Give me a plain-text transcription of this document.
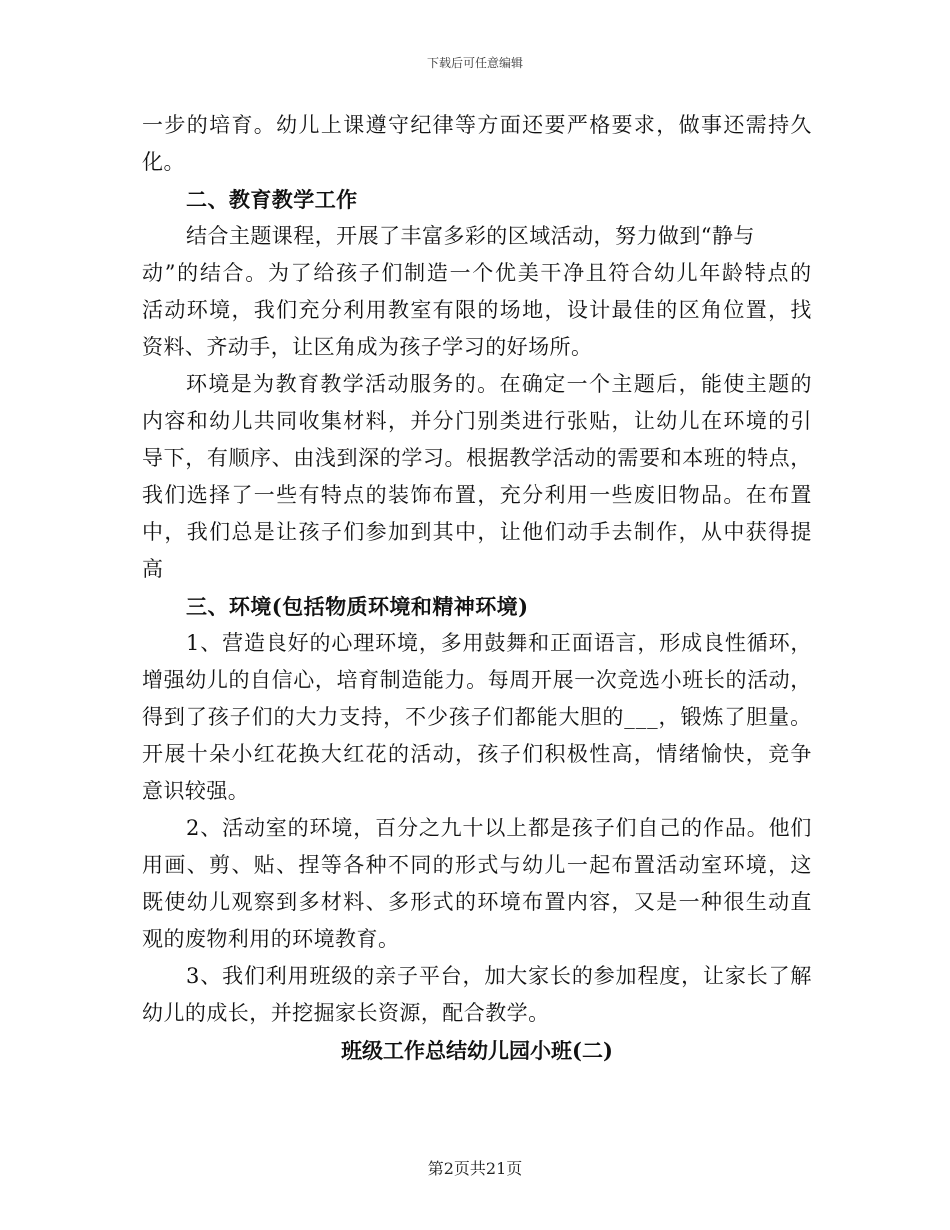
下载后可任意编辑
一 步 的 培 育 。 幼 儿 上 课 遵 守 纪 律 等 方 面 还 要 严 格 要 求 ， 做 事 还 需 持 久
化。
二、教育教学工作
结合主题课程，开展了丰富多彩的区域活动，努力做到“静与
动 ” 的 结 合 。 为 了 给 孩 子 们 制 造 一 个 优 美 干 净 且 符 合 幼 儿 年 龄 特 点 的
活 动 环 境 ， 我 们 充 分 利 用 教 室 有 限 的 场 地 ， 设 计 最 佳 的 区 角 位 置 ， 找
资料、齐动手，让区角成为孩子学习的好场所。
环 境 是 为 教 育 教 学 活 动 服 务 的 。 在 确 定 一 个 主 题 后 ， 能 使 主 题 的
内 容 和 幼 儿 共 同 收 集 材 料 ， 并 分 门 别 类 进 行 张 贴 ， 让 幼 儿 在 环 境 的 引
导 下 ， 有 顺 序 、 由 浅 到 深 的 学 习 。 根 据 教 学 活 动 的 需 要 和 本 班 的 特 点 ，
我 们 选 择 了 一 些 有 特 点 的 装 饰 布 置 ， 充 分 利 用 一 些 废 旧 物 品 。 在 布 置
中 ， 我 们 总 是 让 孩 子 们 参 加 到 其 中 ， 让 他 们 动 手 去 制 作 ， 从 中 获 得 提
高
三、环境(包括物质环境和精神环境)
1 、 营 造 良 好 的 心 理 环 境 ， 多 用 鼓 舞 和 正 面 语 言 ， 形 成 良 性 循 环 ，
增 强 幼 儿 的 自 信 心 ， 培 育 制 造 能 力 。 每 周 开 展 一 次 竞 选 小 班 长 的 活 动 ，
得 到 了 孩 子 们 的 大 力 支 持 ， 不 少 孩 子 们 都 能 大 胆 的 _ _ _ ， 锻 炼 了 胆 量 。
开 展 十 朵 小 红 花 换 大 红 花 的 活 动 ， 孩 子 们 积 极 性 高 ， 情 绪 愉 快 ， 竞 争
意识较强。
2 、 活 动 室 的 环 境 ， 百 分 之 九 十 以 上 都 是 孩 子 们 自 己 的 作 品 。 他 们
用 画 、 剪 、 贴 、 捏 等 各 种 不 同 的 形 式 与 幼 儿 一 起 布 置 活 动 室 环 境 ， 这
既 使 幼 儿 观 察 到 多 材 料 、 多 形 式 的 环 境 布 置 内 容 ， 又 是 一 种 很 生 动 直
观的废物利用的环境教育。
3 、 我 们 利 用 班 级 的 亲 子 平 台 ， 加 大 家 长 的 参 加 程 度 ， 让 家 长 了 解
幼儿的成长，并挖掘家长资源，配合教学。
班级工作总结幼儿园小班(二)
第2页共21页
